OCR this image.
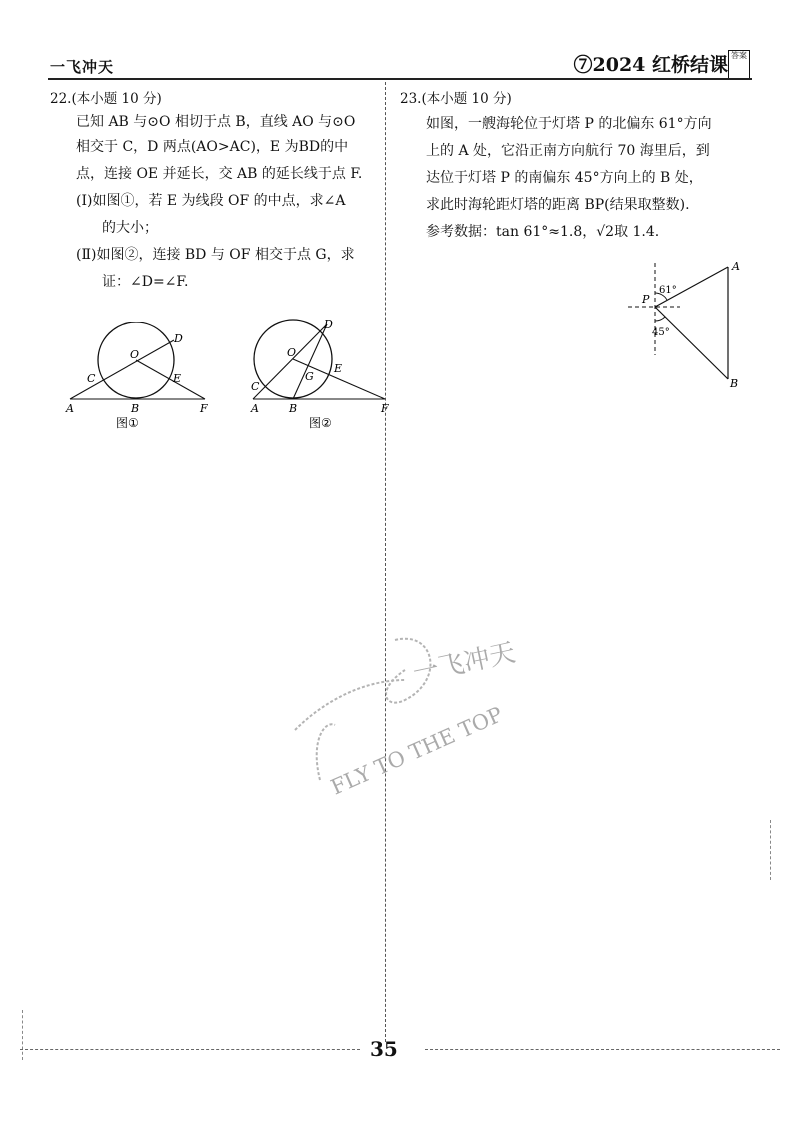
一飞冲天	⑦2024 红桥结课 答案
22.(本小题 10 分)
已知 AB 与⊙O 相切于点 B，直线 AO 与⊙O
相交于 C，D 两点(AO>AC)，E 为BD的中
点，连接 OE 并延长，交 AB 的延长线于点 F.
(Ⅰ)如图①，若 E 为线段 OF 的中点，求∠A
的大小；
(Ⅱ)如图②，连接 BD 与 OF 相交于点 G，求
证：∠D=∠F.
O
D
C	E
A	B	F
图①
O
D
C
E
G
A	B	F
图②
23.(本小题 10 分)
如图，一艘海轮位于灯塔 P 的北偏东 61°方向
上的 A 处，它沿正南方向航行 70 海里后，到
达位于灯塔 P 的南偏东 45°方向上的 B 处，
求此时海轮距灯塔的距离 BP(结果取整数).
参考数据：tan 61°≈1.8，√2取 1.4.
61°
45°
A
B
P
一飞冲天
FLY TO THE TOP
35
